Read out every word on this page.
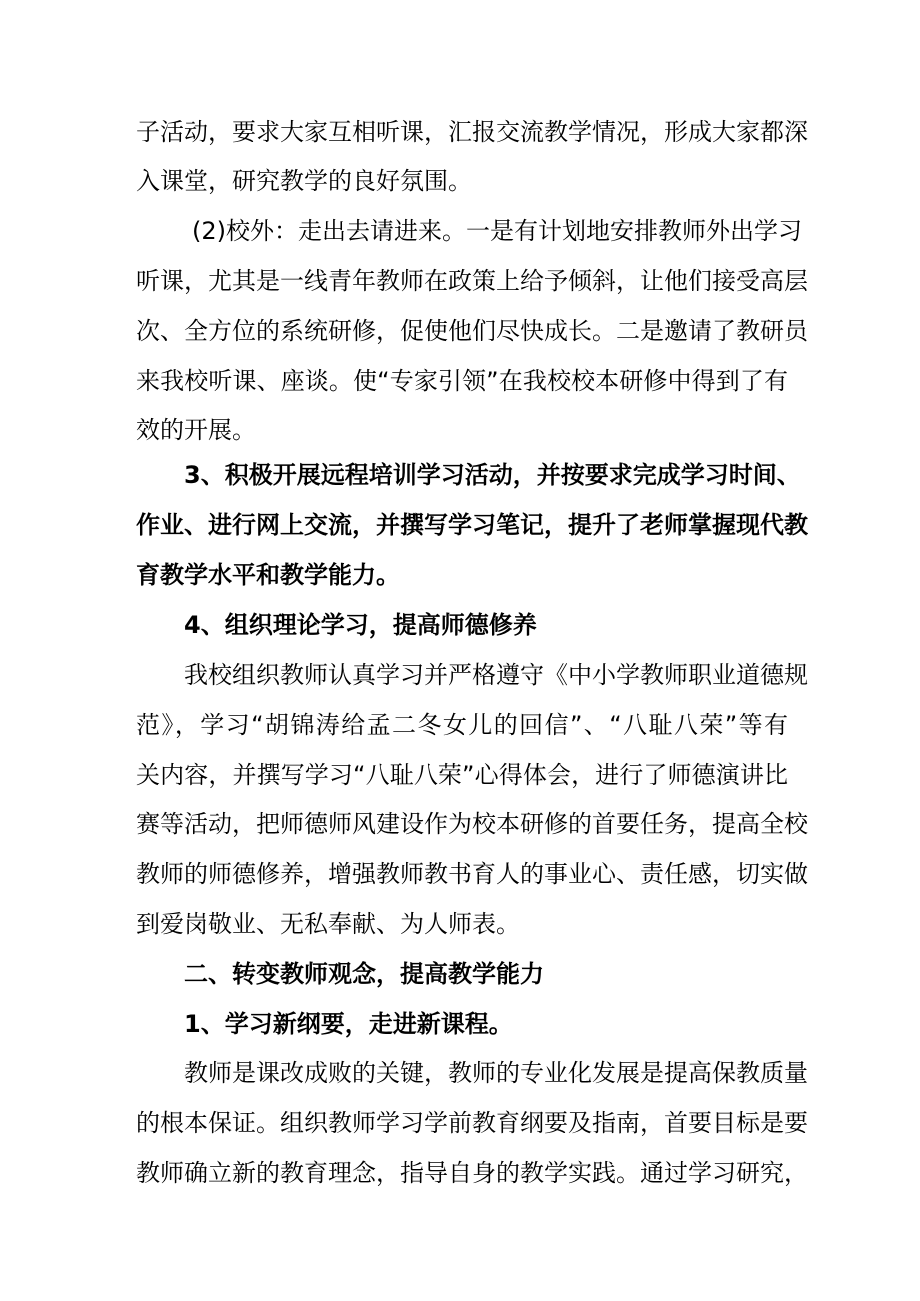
子活动，要求大家互相听课，汇报交流教学情况，形成大家都深
入课堂，研究教学的良好氛围。
(2)校外：走出去请进来。一是有计划地安排教师外出学习
听课，尤其是一线青年教师在政策上给予倾斜，让他们接受高层
次、全方位的系统研修，促使他们尽快成长。二是邀请了教研员
来我校听课、座谈。使“专家引领”在我校校本研修中得到了有
效的开展。
3、积极开展远程培训学习活动，并按要求完成学习时间、
作业、进行网上交流，并撰写学习笔记，提升了老师掌握现代教
育教学水平和教学能力。
4、组织理论学习，提高师德修养
我校组织教师认真学习并严格遵守《中小学教师职业道德规
范》，学习“胡锦涛给孟二冬女儿的回信”、“八耻八荣”等有
关内容，并撰写学习“八耻八荣”心得体会，进行了师德演讲比
赛等活动，把师德师风建设作为校本研修的首要任务，提高全校
教师的师德修养，增强教师教书育人的事业心、责任感，切实做
到爱岗敬业、无私奉献、为人师表。
二、转变教师观念，提高教学能力
1、学习新纲要，走进新课程。
教师是课改成败的关键，教师的专业化发展是提高保教质量
的根本保证。组织教师学习学前教育纲要及指南，首要目标是要
教师确立新的教育理念，指导自身的教学实践。通过学习研究，
